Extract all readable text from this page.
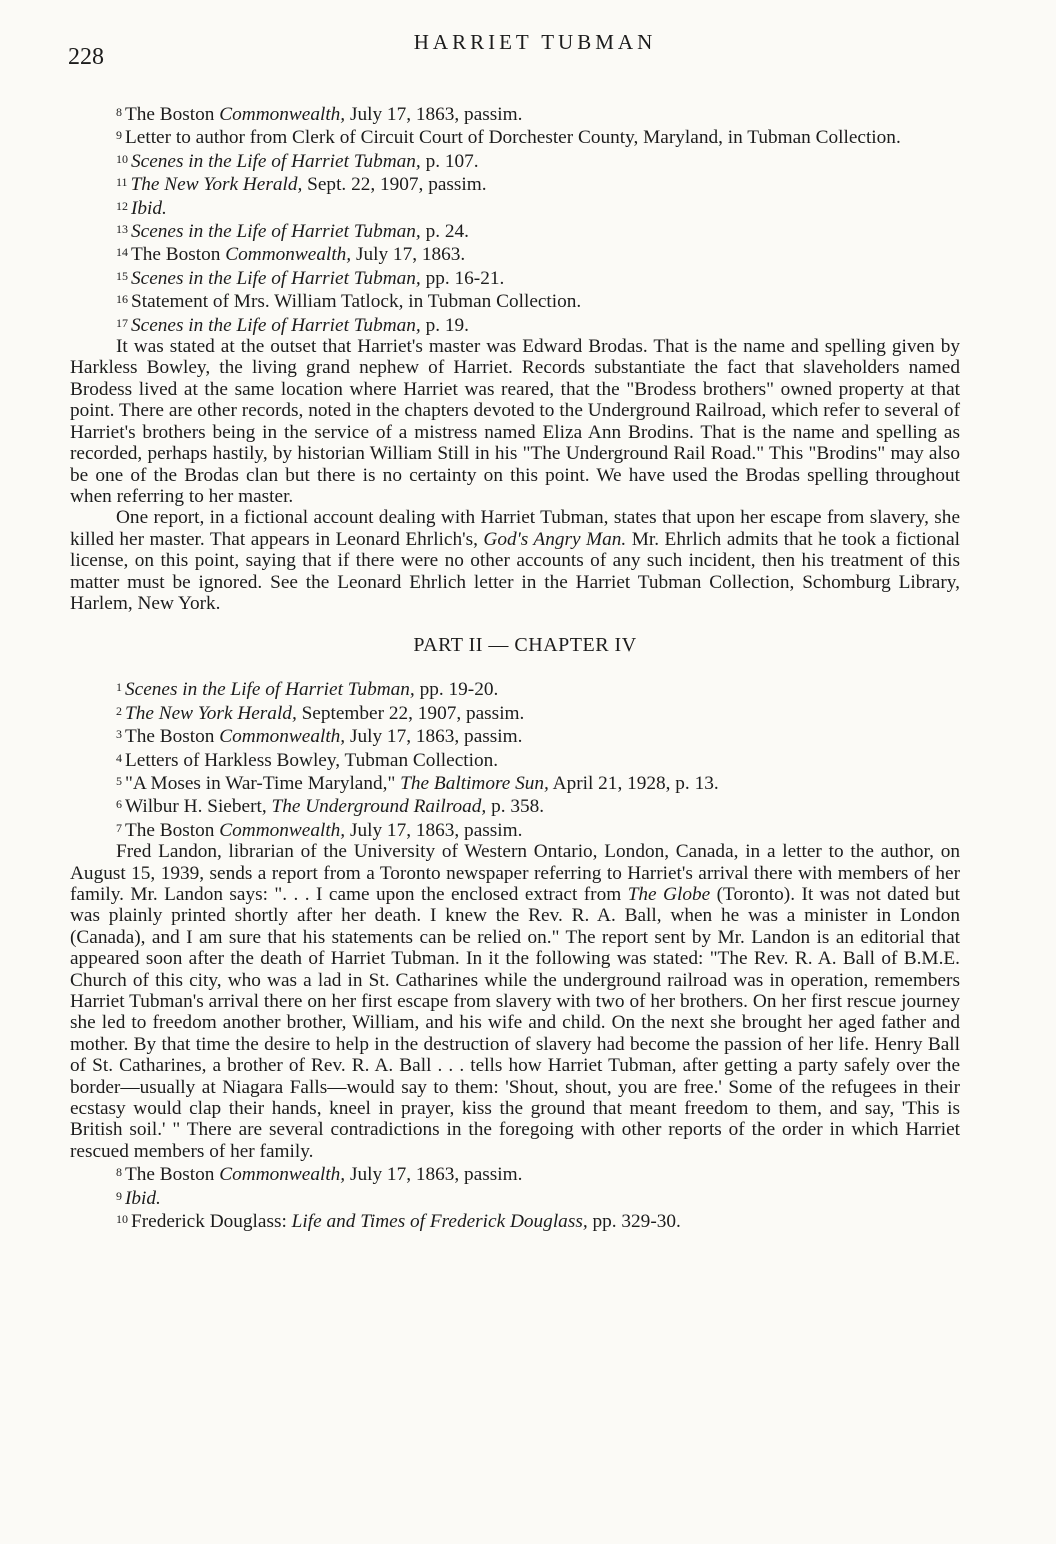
228
HARRIET TUBMAN

$^8$ The Boston Commonwealth, July 17, 1863, passim.

$^9$ Letter to author from Clerk of Circuit Court of Dorchester County, Maryland, in Tubman Collection.

$^{10}$ Scenes in the Life of Harriet Tubman, p. 107.

$^{11}$ The New York Herald, Sept. 22, 1907, passim.

$^{12}$ Ibid.

$^{13}$ Scenes in the Life of Harriet Tubman, p. 24.

$^{14}$ The Boston Commonwealth, July 17, 1863.

$^{15}$ Scenes in the Life of Harriet Tubman, pp. 16-21.

$^{16}$ Statement of Mrs. William Tatlock, in Tubman Collection.

$^{17}$ Scenes in the Life of Harriet Tubman, p. 19.

It was stated at the outset that Harriet's master was Edward Brodas. That is the name and spelling given by Harkless Bowley, the living grand nephew of Harriet. Records substantiate the fact that slaveholders named Brodess lived at the same location where Harriet was reared, that the "Brodess brothers" owned property at that point. There are other records, noted in the chapters devoted to the Underground Railroad, which refer to several of Harriet's brothers being in the service of a mistress named Eliza Ann Brodins. That is the name and spelling as recorded, perhaps hastily, by historian William Still in his "The Underground Rail Road." This "Brodins" may also be one of the Brodas clan but there is no certainty on this point. We have used the Brodas spelling throughout when referring to her master.

One report, in a fictional account dealing with Harriet Tubman, states that upon her escape from slavery, she killed her master. That appears in Leonard Ehrlich's, God's Angry Man. Mr. Ehrlich admits that he took a fictional license, on this point, saying that if there were no other accounts of any such incident, then his treatment of this matter must be ignored. See the Leonard Ehrlich letter in the Harriet Tubman Collection, Schomburg Library, Harlem, New York.

PART II — CHAPTER IV

$^1$ Scenes in the Life of Harriet Tubman, pp. 19-20.

$^2$ The New York Herald, September 22, 1907, passim.

$^3$ The Boston Commonwealth, July 17, 1863, passim.

$^4$ Letters of Harkless Bowley, Tubman Collection.

$^5$ "A Moses in War-Time Maryland," The Baltimore Sun, April 21, 1928, p. 13.

$^6$ Wilbur H. Siebert, The Underground Railroad, p. 358.

$^7$ The Boston Commonwealth, July 17, 1863, passim.

Fred Landon, librarian of the University of Western Ontario, London, Canada, in a letter to the author, on August 15, 1939, sends a report from a Toronto newspaper referring to Harriet's arrival there with members of her family. Mr. Landon says: ". . . I came upon the enclosed extract from The Globe (Toronto). It was not dated but was plainly printed shortly after her death. I knew the Rev. R. A. Ball, when he was a minister in London (Canada), and I am sure that his statements can be relied on." The report sent by Mr. Landon is an editorial that appeared soon after the death of Harriet Tubman. In it the following was stated: "The Rev. R. A. Ball of B.M.E. Church of this city, who was a lad in St. Catharines while the underground railroad was in operation, remembers Harriet Tubman's arrival there on her first escape from slavery with two of her brothers. On her first rescue journey she led to freedom another brother, William, and his wife and child. On the next she brought her aged father and mother. By that time the desire to help in the destruction of slavery had become the passion of her life. Henry Ball of St. Catharines, a brother of Rev. R. A. Ball . . . tells how Harriet Tubman, after getting a party safely over the border—usually at Niagara Falls—would say to them: 'Shout, shout, you are free.' Some of the refugees in their ecstasy would clap their hands, kneel in prayer, kiss the ground that meant freedom to them, and say, 'This is British soil.' " There are several contradictions in the foregoing with other reports of the order in which Harriet rescued members of her family.

$^8$ The Boston Commonwealth, July 17, 1863, passim.

$^9$ Ibid.

$^{10}$ Frederick Douglass: Life and Times of Frederick Douglass, pp. 329-30.
